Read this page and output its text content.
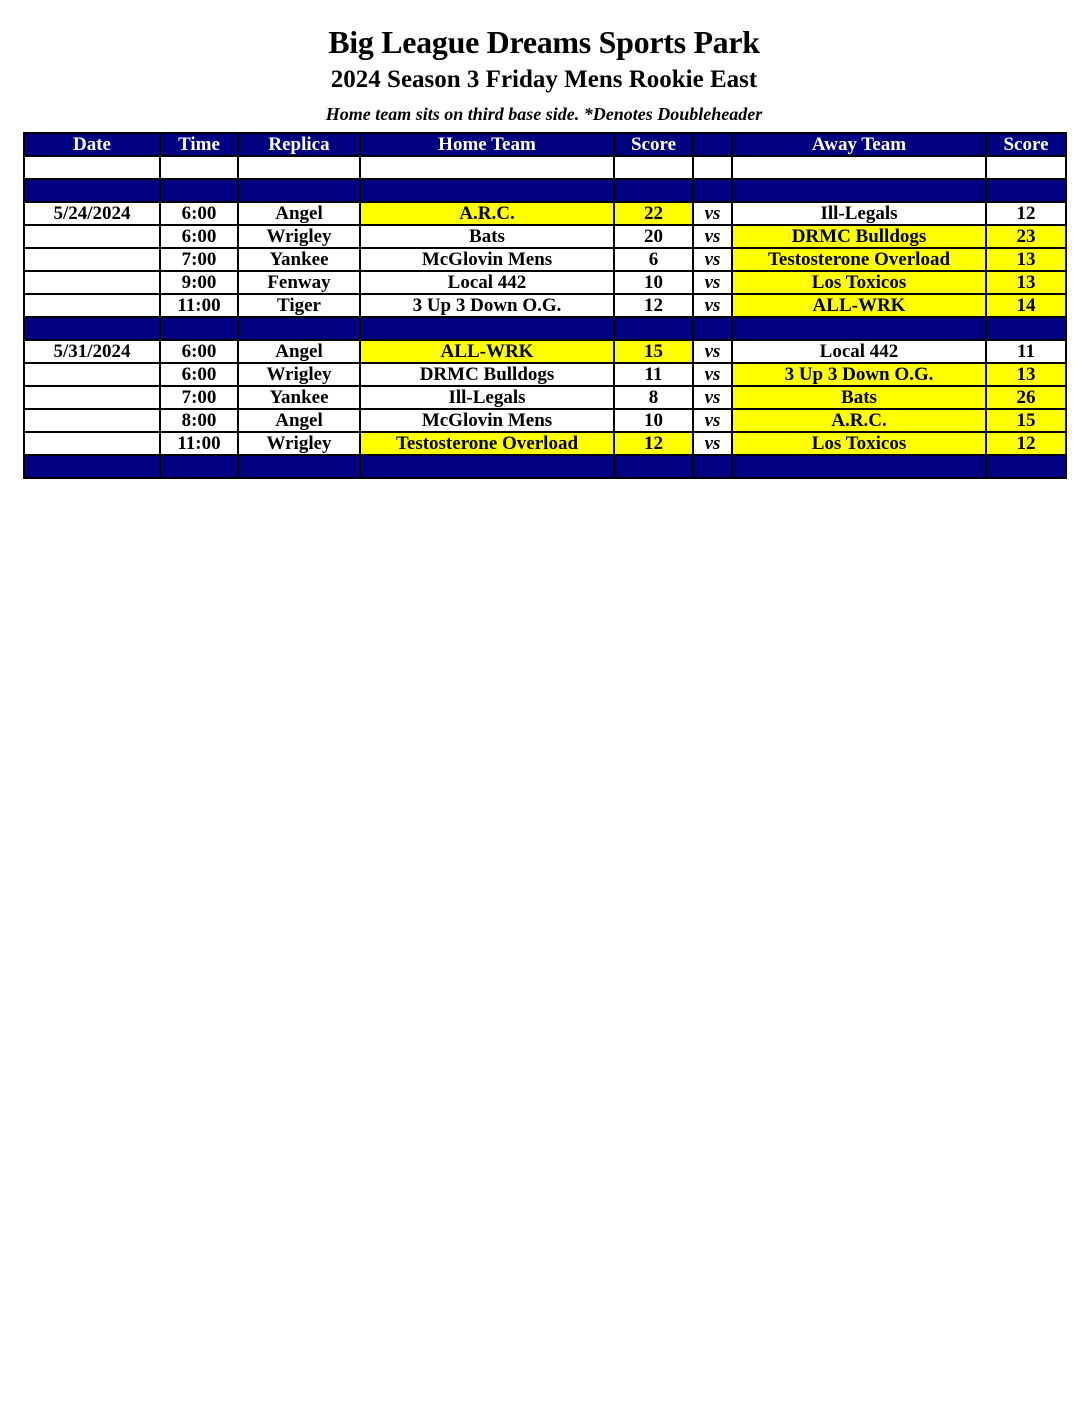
Big League Dreams Sports Park
2024 Season 3 Friday Mens Rookie East
Home team sits on third base side. *Denotes Doubleheader
Date	Time	Replica	Home Team	Score		Away Team	Score

5/24/2024	6:00	Angel	A.R.C.	22	vs	Ill-Legals	12
	6:00	Wrigley	Bats	20	vs	DRMC Bulldogs	23
	7:00	Yankee	McGlovin Mens	6	vs	Testosterone Overload	13
	9:00	Fenway	Local 442	10	vs	Los Toxicos	13
	11:00	Tiger	3 Up 3 Down O.G.	12	vs	ALL-WRK	14

5/31/2024	6:00	Angel	ALL-WRK	15	vs	Local 442	11
	6:00	Wrigley	DRMC Bulldogs	11	vs	3 Up 3 Down O.G.	13
	7:00	Yankee	Ill-Legals	8	vs	Bats	26
	8:00	Angel	McGlovin Mens	10	vs	A.R.C.	15
	11:00	Wrigley	Testosterone Overload	12	vs	Los Toxicos	12
